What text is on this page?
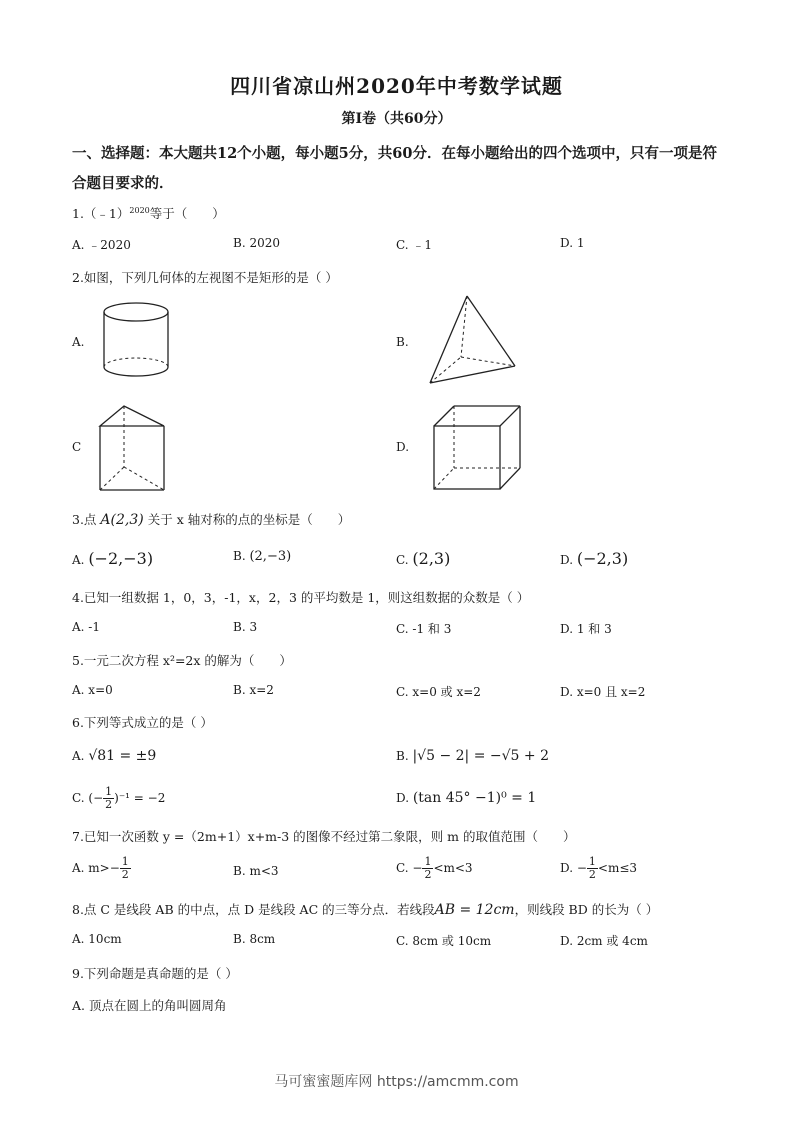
四川省凉山州2020年中考数学试题
第Ⅰ卷（共60分）
一、选择题：本大题共12个小题，每小题5分，共60分．在每小题给出的四个选项中，只有一项是符合题目要求的．
1.（﹣1）$^{2020}$等于（　　）
A. ﹣2020	B. 2020	C. ﹣1	D. 1
2.如图，下列几何体的左视图不是矩形的是（ ）
A.	B.
C	D.
3.点 A(2,3) 关于 x 轴对称的点的坐标是（　　）
A. (−2,−3)	B. (2,−3)	C. (2,3)	D. (−2,3)
4.已知一组数据 1，0，3，-1，x，2，3 的平均数是 1，则这组数据的众数是（ ）
A. -1	B. 3	C. -1 和 3	D. 1 和 3
5.一元二次方程 x²=2x 的解为（　　）
A. x=0	B. x=2	C. x=0 或 x=2	D. x=0 且 x=2
6.下列等式成立的是（ ）
A. √81 = ±9	B. |√5 − 2| = −√5 + 2
C. (− $\frac{1}{2} )^{-1} = -2$	D. (tan 45° −1)⁰ = 1
7.已知一次函数 y =（2m+1）x+m-3 的图像不经过第二象限，则 m 的取值范围（　　）
A. $m>- \frac{1}{2}$	B. m<3	C. − $\frac{1}{2} <m<3$	D. − $\frac{1}{2} <m\le 3$
8.点 C 是线段 AB 的中点，点 D 是线段 AC 的三等分点．若线段AB = 12cm，则线段 BD 的长为（ ）
A. 10cm	B. 8cm	C. 8cm 或 10cm	D. 2cm 或 4cm
9.下列命题是真命题的是（ ）
A. 顶点在圆上的角叫圆周角
马可蜜蜜题库网 https://amcmm.com
